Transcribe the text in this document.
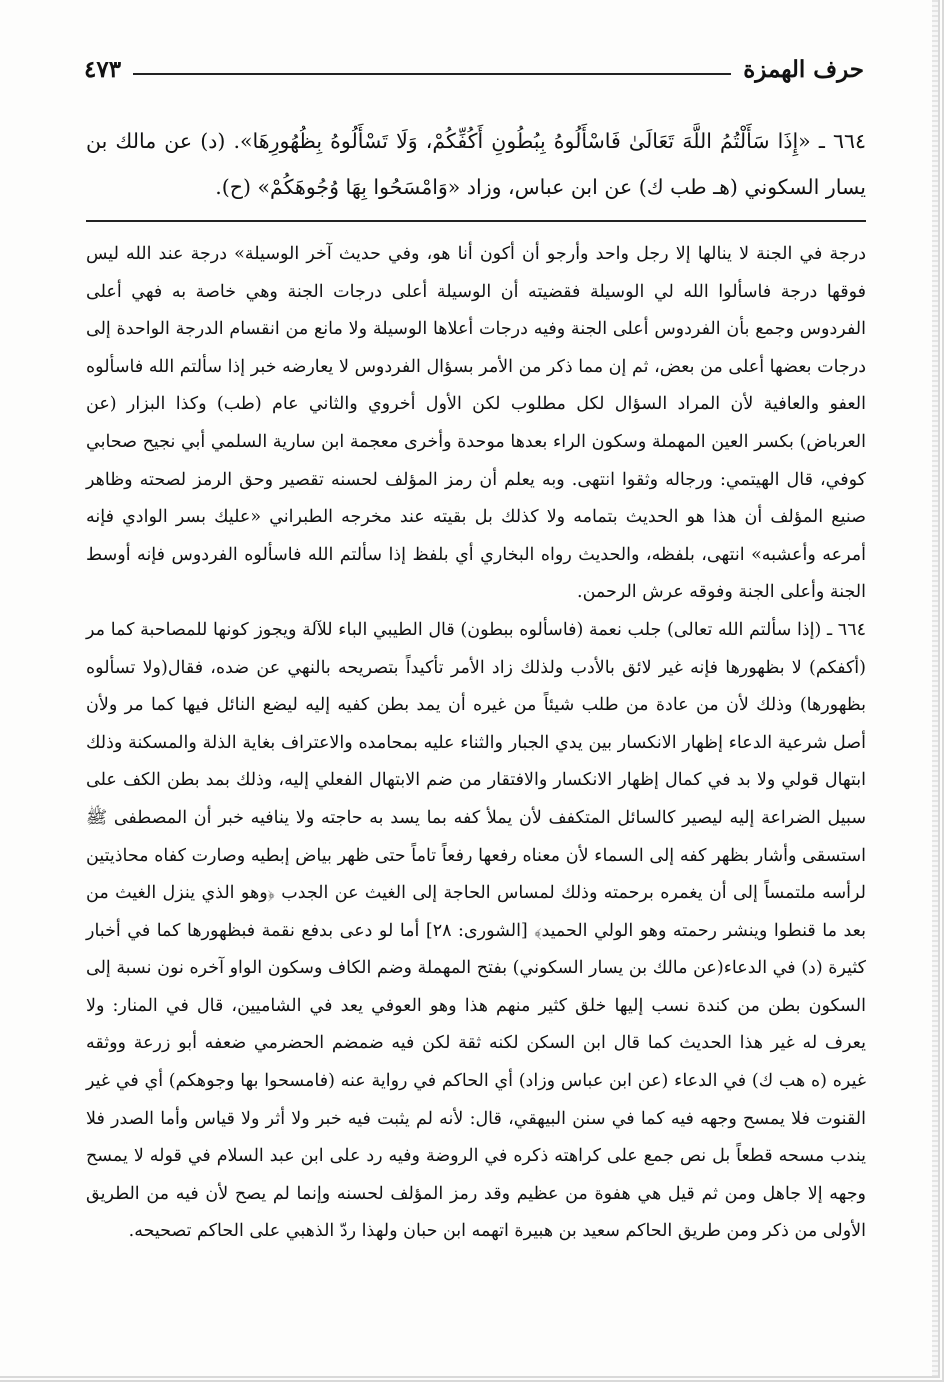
حرف الهمزة
٤٧٣
٦٦٤ ـ «إِذَا سَأَلْتُمُ اللَّهَ تَعَالَىٰ فَاسْأَلُوهُ بِبُطُونِ أَكُفِّكُمْ، وَلَا تَسْأَلُوهُ بِظُهُورِهَا». (د) عن مالك بن يسار السكوني (هـ طب ك) عن ابن عباس، وزاد «وَامْسَحُوا بِهَا وُجُوهَكُمْ» (ح).

درجة في الجنة لا ينالها إلا رجل واحد وأرجو أن أكون أنا هو، وفي حديث آخر الوسيلة» درجة عند الله ليس فوقها درجة فاسألوا الله لي الوسيلة فقضيته أن الوسيلة أعلى درجات الجنة وهي خاصة به فهي أعلى الفردوس وجمع بأن الفردوس أعلى الجنة وفيه درجات أعلاها الوسيلة ولا مانع من انقسام الدرجة الواحدة إلى درجات بعضها أعلى من بعض، ثم إن مما ذكر من الأمر بسؤال الفردوس لا يعارضه خبر إذا سألتم الله فاسألوه العفو والعافية لأن المراد السؤال لكل مطلوب لكن الأول أخروي والثاني عام (طب) وكذا البزار (عن العرباض) بكسر العين المهملة وسكون الراء بعدها موحدة وأخرى معجمة ابن سارية السلمي أبي نجيح صحابي كوفي، قال الهيتمي: ورجاله وثقوا انتهى. وبه يعلم أن رمز المؤلف لحسنه تقصير وحق الرمز لصحته وظاهر صنيع المؤلف أن هذا هو الحديث بتمامه ولا كذلك بل بقيته عند مخرجه الطبراني «عليك بسر الوادي فإنه أمرعه وأعشبه» انتهى، بلفظه، والحديث رواه البخاري أي بلفظ إذا سألتم الله فاسألوه الفردوس فإنه أوسط الجنة وأعلى الجنة وفوقه عرش الرحمن.

٦٦٤ ـ (إذا سألتم الله تعالى) جلب نعمة (فاسألوه ببطون) قال الطيبي الباء للآلة ويجوز كونها للمصاحبة كما مر (أكفكم) لا بظهورها فإنه غير لائق بالأدب ولذلك زاد الأمر تأكيداً بتصريحه بالنهي عن ضده، فقال(ولا تسألوه بظهورها) وذلك لأن من عادة من طلب شيئاً من غيره أن يمد بطن كفيه إليه ليضع النائل فيها كما مر ولأن أصل شرعية الدعاء إظهار الانكسار بين يدي الجبار والثناء عليه بمحامده والاعتراف بغاية الذلة والمسكنة وذلك ابتهال قولي ولا بد في كمال إظهار الانكسار والافتقار من ضم الابتهال الفعلي إليه، وذلك بمد بطن الكف على سبيل الضراعة إليه ليصير كالسائل المتكفف لأن يملأ كفه بما يسد به حاجته ولا ينافيه خبر أن المصطفى ﷺ استسقى وأشار بظهر كفه إلى السماء لأن معناه رفعها رفعاً تاماً حتى ظهر بياض إبطيه وصارت كفاه محاذيتين لرأسه ملتمساً إلى أن يغمره برحمته وذلك لمساس الحاجة إلى الغيث عن الجدب ﴿وهو الذي ينزل الغيث من بعد ما قنطوا وينشر رحمته وهو الولي الحميد﴾ [الشورى: ٢٨] أما لو دعى بدفع نقمة فبظهورها كما في أخبار كثيرة (د) في الدعاء(عن مالك بن يسار السكوني) بفتح المهملة وضم الكاف وسكون الواو آخره نون نسبة إلى السكون بطن من كندة نسب إليها خلق كثير منهم هذا وهو العوفي يعد في الشاميين، قال في المنار: ولا يعرف له غير هذا الحديث كما قال ابن السكن لكنه ثقة لكن فيه ضمضم الحضرمي ضعفه أبو زرعة ووثقه غيره (ه هب ك) في الدعاء (عن ابن عباس وزاد) أي الحاكم في رواية عنه (فامسحوا بها وجوهكم) أي في غير القنوت فلا يمسح وجهه فيه كما في سنن البيهقي، قال: لأنه لم يثبت فيه خبر ولا أثر ولا قياس وأما الصدر فلا يندب مسحه قطعاً بل نص جمع على كراهته ذكره في الروضة وفيه رد على ابن عبد السلام في قوله لا يمسح وجهه إلا جاهل ومن ثم قيل هي هفوة من عظيم وقد رمز المؤلف لحسنه وإنما لم يصح لأن فيه من الطريق الأولى من ذكر ومن طريق الحاكم سعيد بن هبيرة اتهمه ابن حبان ولهذا ردّ الذهبي على الحاكم تصحيحه.
